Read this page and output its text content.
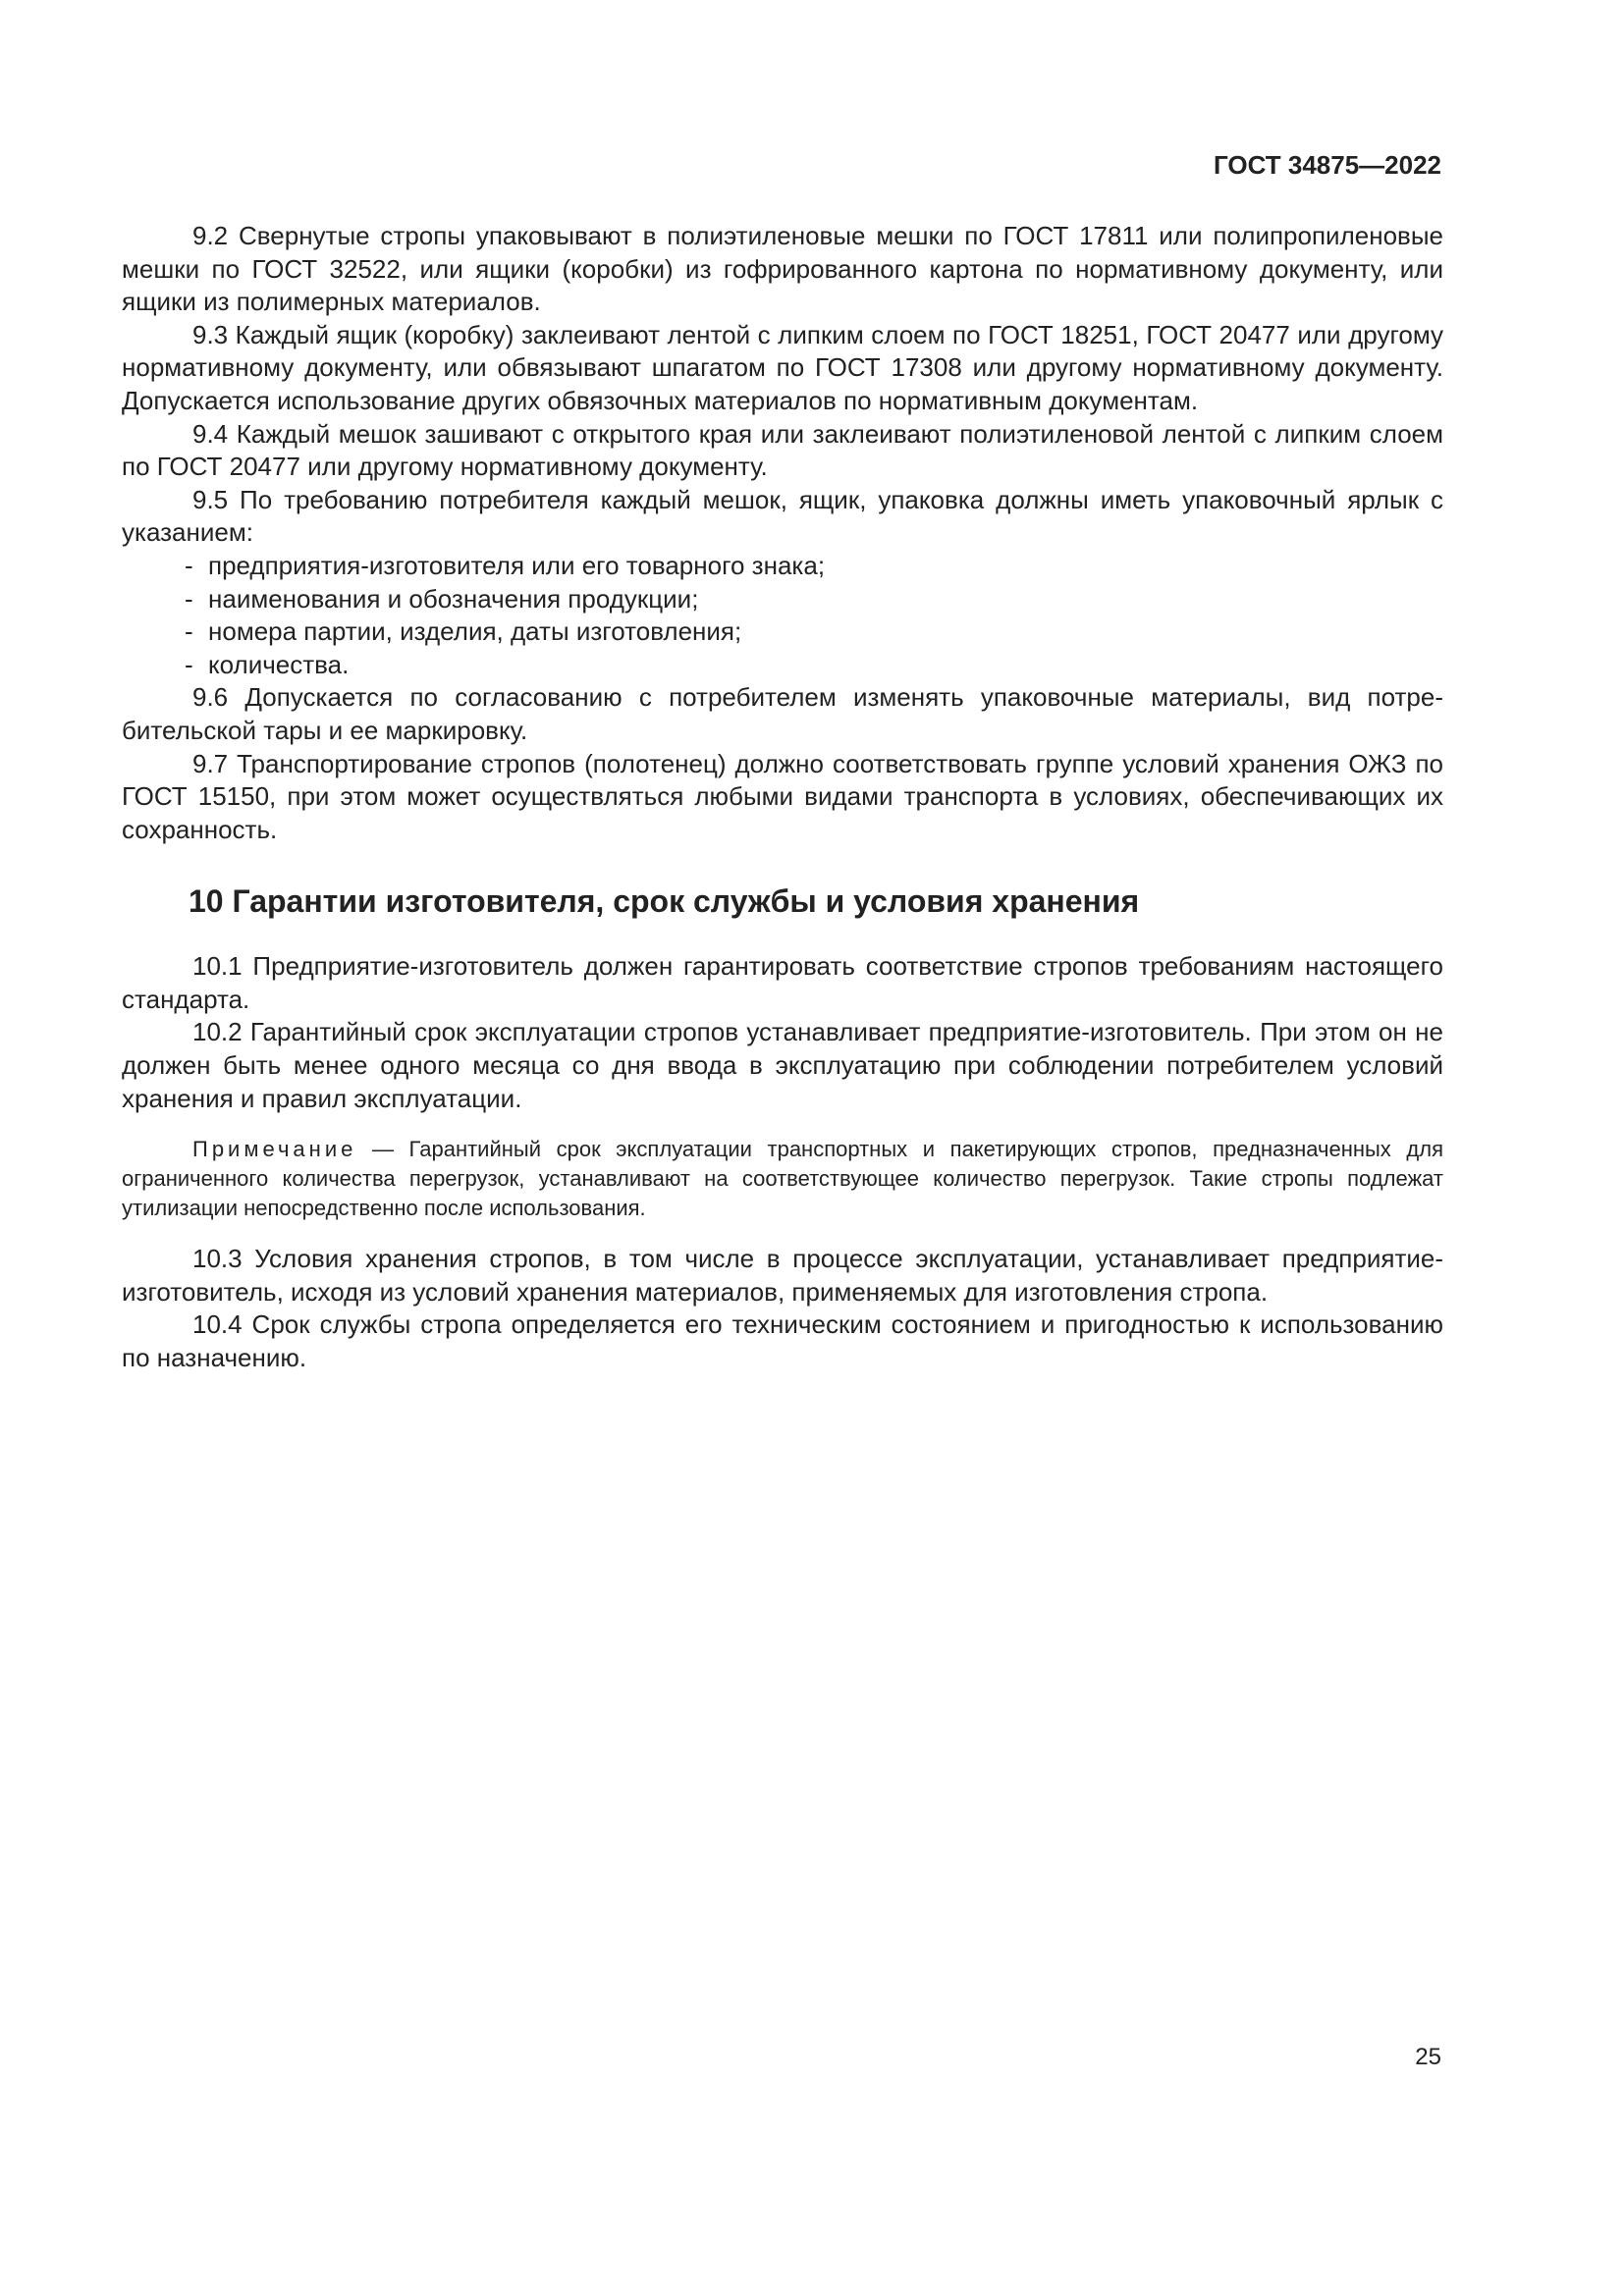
ГОСТ 34875—2022

9.2 Свернутые стропы упаковывают в полиэтиленовые мешки по ГОСТ 17811 или полипропиленовые мешки по ГОСТ 32522, или ящики (коробки) из гофрированного картона по нормативному документу, или ящики из полимерных материалов.

9.3 Каждый ящик (коробку) заклеивают лентой с липким слоем по ГОСТ 18251, ГОСТ 20477 или другому нормативному документу, или обвязывают шпагатом по ГОСТ 17308 или другому нормативному документу. Допускается использование других обвязочных материалов по нормативным документам.

9.4 Каждый мешок зашивают с открытого края или заклеивают полиэтиленовой лентой с липким слоем по ГОСТ 20477 или другому нормативному документу.

9.5 По требованию потребителя каждый мешок, ящик, упаковка должны иметь упаковочный ярлык с указанием:

- предприятия-изготовителя или его товарного знака;
- наименования и обозначения продукции;
- номера партии, изделия, даты изготовления;
- количества.

9.6 Допускается по согласованию с потребителем изменять упаковочные материалы, вид потребительской тары и ее маркировку.

9.7 Транспортирование стропов (полотенец) должно соответствовать группе условий хранения ОЖЗ по ГОСТ 15150, при этом может осуществляться любыми видами транспорта в условиях, обеспечивающих их сохранность.

10 Гарантии изготовителя, срок службы и условия хранения

10.1 Предприятие-изготовитель должен гарантировать соответствие стропов требованиям настоящего стандарта.

10.2 Гарантийный срок эксплуатации стропов устанавливает предприятие-изготовитель. При этом он не должен быть менее одного месяца со дня ввода в эксплуатацию при соблюдении потребителем условий хранения и правил эксплуатации.

Примечание — Гарантийный срок эксплуатации транспортных и пакетирующих стропов, предназначенных для ограниченного количества перегрузок, устанавливают на соответствующее количество перегрузок. Такие стропы подлежат утилизации непосредственно после использования.

10.3 Условия хранения стропов, в том числе в процессе эксплуатации, устанавливает предприятие-изготовитель, исходя из условий хранения материалов, применяемых для изготовления стропа.

10.4 Срок службы стропа определяется его техническим состоянием и пригодностью к использованию по назначению.

25
